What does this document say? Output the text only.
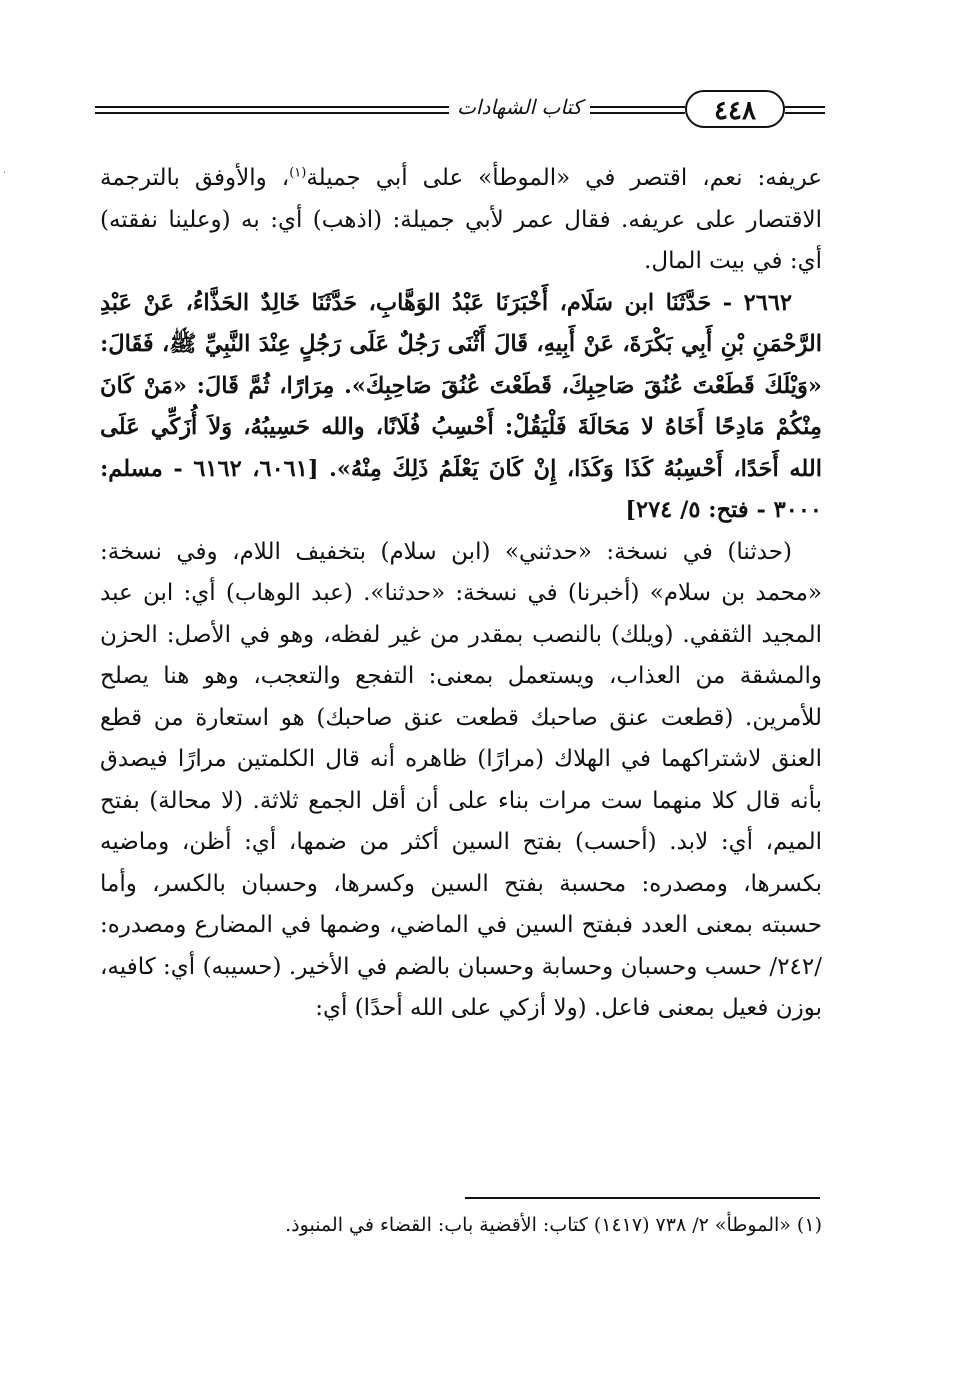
·
كتاب الشهادات	٤٤٨

عريفه: نعم، اقتصر في «الموطأ» على أبي جميلة$^{(١)}$، والأوفق بالترجمة الاقتصار على عريفه. فقال عمر لأبي جميلة: (اذهب) أي: به (وعلينا نفقته) أي: في بيت المال.

٢٦٦٢ - حَدَّثَنَا ابن سَلَام، أَخْبَرَنَا عَبْدُ الوَهَّابِ، حَدَّثَنَا خَالِدٌ الحَذَّاءُ، عَنْ عَبْدِ الرَّحْمَنِ بْنِ أَبِي بَكْرَةَ، عَنْ أَبِيهِ، قَالَ أَثْنَى رَجُلٌ عَلَى رَجُلٍ عِنْدَ النَّبِيِّ ﷺ، فَقَالَ: «وَيْلَكَ قَطَعْتَ عُنُقَ صَاحِبِكَ، قَطَعْتَ عُنُقَ صَاحِبِكَ». مِرَارًا، ثُمَّ قَالَ: «مَنْ كَانَ مِنْكُمْ مَادِحًا أَخَاهُ لا مَحَالَةَ فَلْيَقُلْ: أَحْسِبُ فُلَانًا، والله حَسِيبُهُ، وَلاَ أُزَكِّي عَلَى الله أَحَدًا، أَحْسِبُهُ كَذَا وَكَذَا، إِنْ كَانَ يَعْلَمُ ذَلِكَ مِنْهُ». [٦٠٦١، ٦١٦٢ - مسلم: ٣٠٠٠ - فتح: ٥/ ٢٧٤]

(حدثنا) في نسخة: «حدثني» (ابن سلام) بتخفيف اللام، وفي نسخة: «محمد بن سلام» (أخبرنا) في نسخة: «حدثنا». (عبد الوهاب) أي: ابن عبد المجيد الثقفي. (ويلك) بالنصب بمقدر من غير لفظه، وهو في الأصل: الحزن والمشقة من العذاب، ويستعمل بمعنى: التفجع والتعجب، وهو هنا يصلح للأمرين. (قطعت عنق صاحبك قطعت عنق صاحبك) هو استعارة من قطع العنق لاشتراكهما في الهلاك (مرارًا) ظاهره أنه قال الكلمتين مرارًا فيصدق بأنه قال كلا منهما ست مرات بناء على أن أقل الجمع ثلاثة. (لا محالة) بفتح الميم، أي: لابد. (أحسب) بفتح السين أكثر من ضمها، أي: أظن، وماضيه بكسرها، ومصدره: محسبة بفتح السين وكسرها، وحسبان بالكسر، وأما حسبته بمعنى العدد فبفتح السين في الماضي، وضمها في المضارع ومصدره: /٢٤٢/ حسب وحسبان وحسابة وحسبان بالضم في الأخير. (حسيبه) أي: كافيه، بوزن فعيل بمعنى فاعل. (ولا أزكي على الله أحدًا) أي:

(١) «الموطأ» ٢/ ٧٣٨ (١٤١٧) كتاب: الأقضية باب: القضاء في المنبوذ.
